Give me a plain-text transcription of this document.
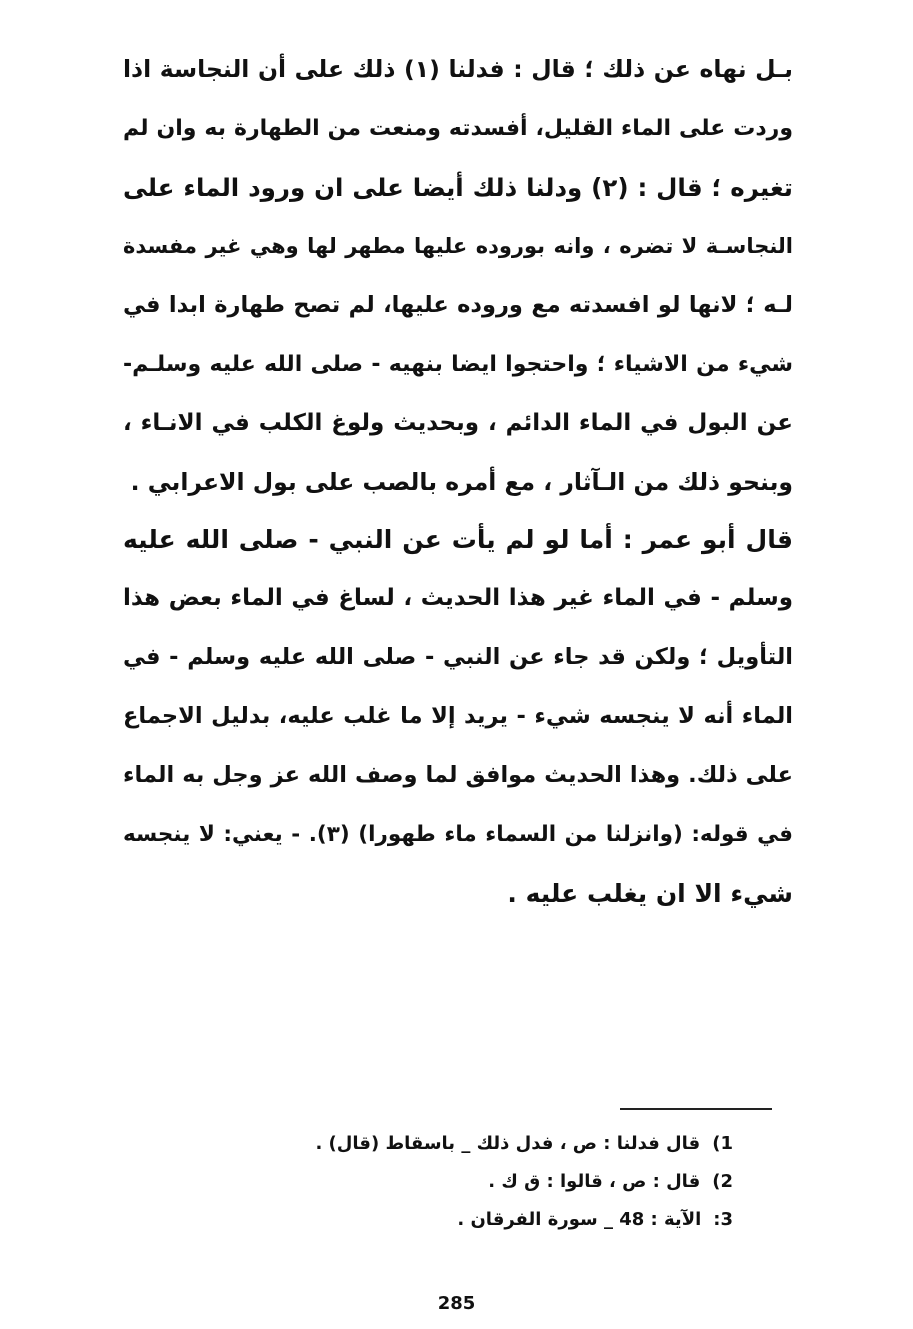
بـل نهاه عن ذلك ؛ قال : فدلنا (١) ذلك على أن النجاسة اذا
وردت على الماء القليل، أفسدته ومنعت من الطهارة به وان لم
تغيره ؛ قال : (٢) ودلنا ذلك أيضا على ان ورود الماء على
النجاسـة لا تضره ، وانه بوروده عليها مطهر لها وهي غير مفسدة
لـه ؛ لانها لو افسدته مع وروده عليها، لم تصح طهارة ابدا في
شيء من الاشياء ؛ واحتجوا ايضا بنهيه - صلى الله عليه وسلـم-
عن البول في الماء الدائم ، وبحديث ولوغ الكلب في الانـاء ،
وبنحو ذلك من الـآثار ، مع أمره بالصب على بول الاعرابي .
قال أبو عمر : أما لو لم يأت عن النبي - صلى الله عليه
وسلم - في الماء غير هذا الحديث ، لساغ في الماء بعض هذا
التأويل ؛ ولكن قد جاء عن النبي - صلى الله عليه وسلم - في
الماء أنه لا ينجسه شيء - يريد إلا ما غلب عليه، بدليل الاجماع
على ذلك. وهذا الحديث موافق لما وصف الله عز وجل به الماء
في قوله: (وانزلنا من السماء ماء طهورا) (٣). - يعني: لا ينجسه
شيء الا ان يغلب عليه .
1)قال فدلنا : ص ، فدل ذلك _ باسقاط (قال) .
2)قال : ص ، قالوا : ق ك .
3:الآية : 48 _ سورة الفرقان .
285
